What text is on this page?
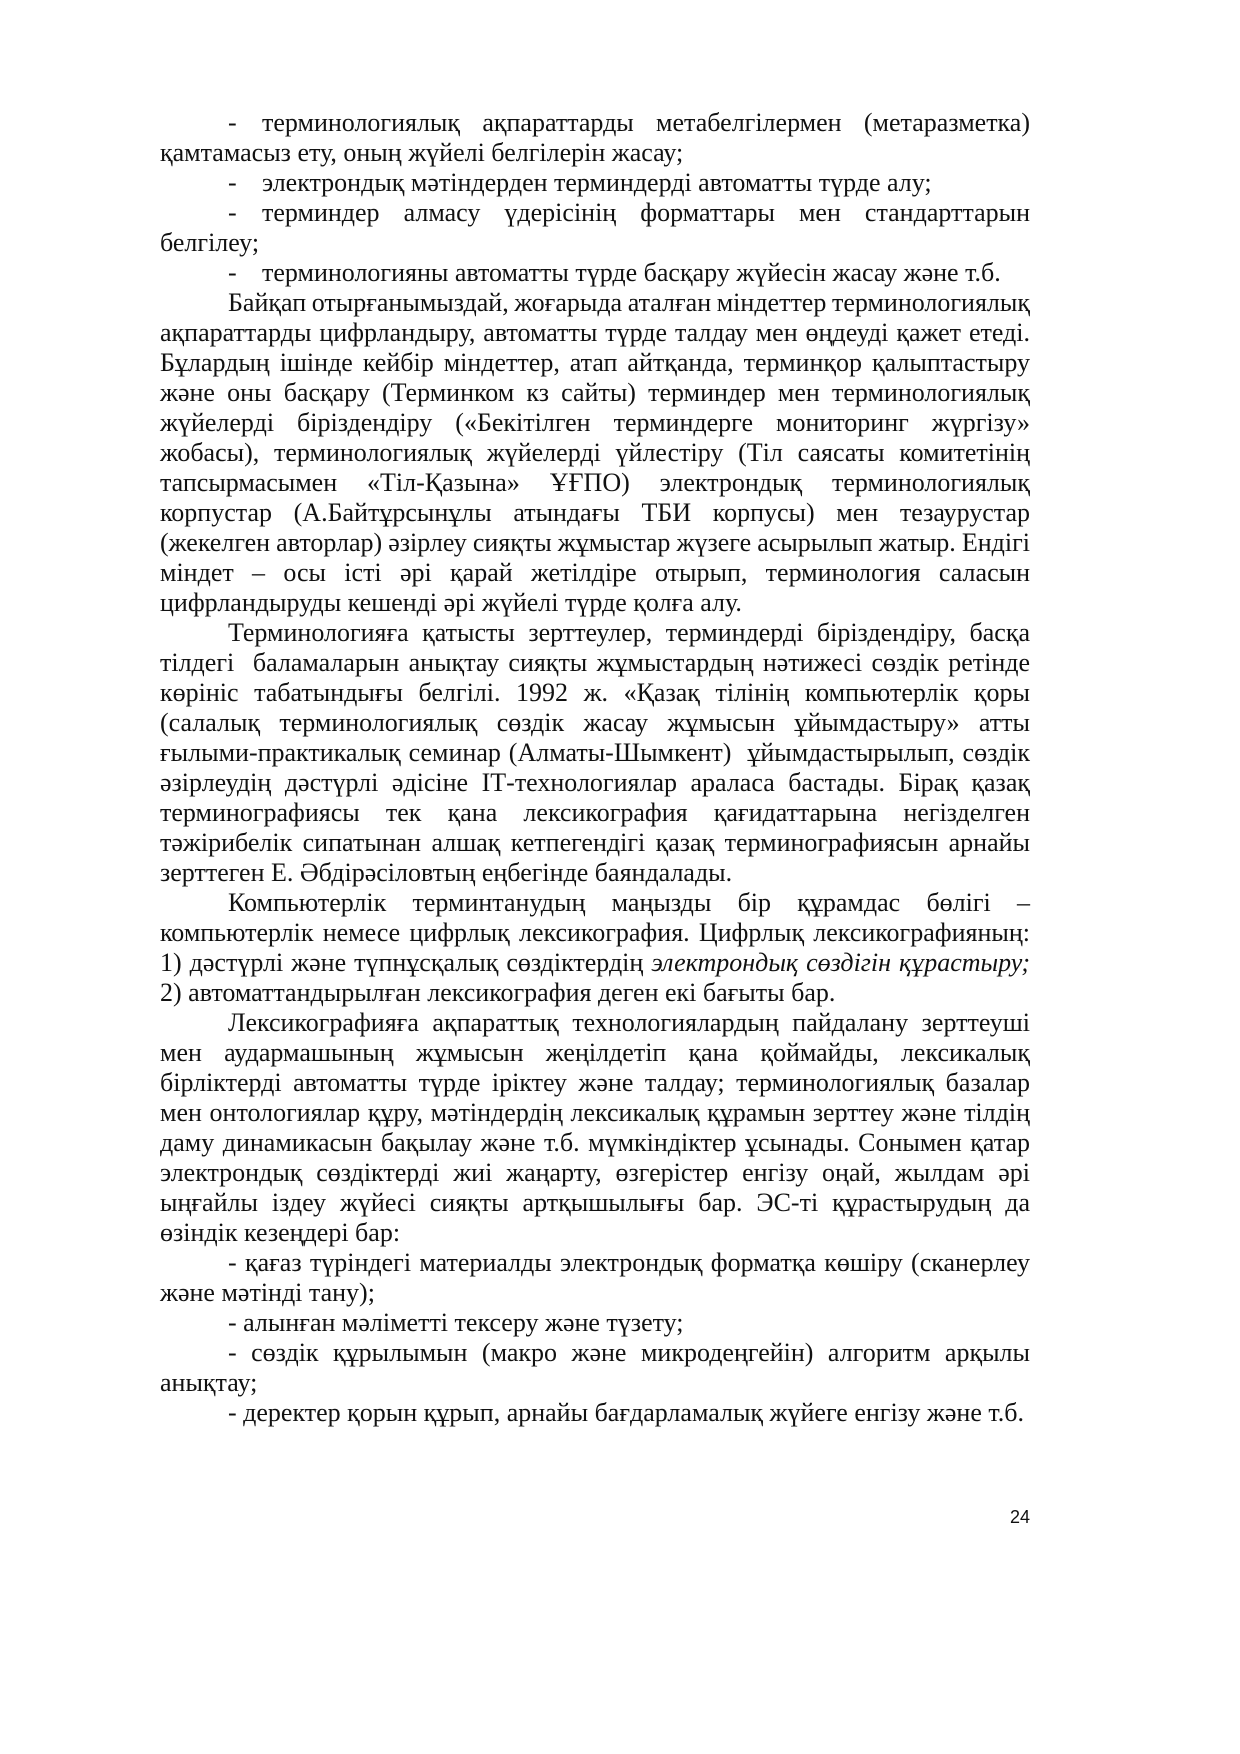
- терминологиялық ақпараттарды метабелгілермен (метаразметка)
қамтамасыз ету, оның жүйелі белгілерін жасау;
- электрондық мәтіндерден терминдерді автоматты түрде алу;
- терминдер алмасу үдерісінің форматтары мен стандарттарын
белгілеу;
- терминологияны автоматты түрде басқару жүйесін жасау және т.б.
Байқап отырғанымыздай, жоғарыда аталған міндеттер терминологиялық
ақпараттарды цифрландыру, автоматты түрде талдау мен өңдеуді қажет етеді.
Бұлардың ішінде кейбір міндеттер, атап айтқанда, терминқор қалыптастыру
және оны басқару (Терминком кз сайты) терминдер мен терминологиялық
жүйелерді біріздендіру («Бекітілген терминдерге мониторинг жүргізу»
жобасы), терминологиялық жүйелерді үйлестіру (Тіл саясаты комитетінің
тапсырмасымен «Тіл-Қазына» ҰҒПО) электрондық терминологиялық
корпустар (А.Байтұрсынұлы атындағы ТБИ корпусы) мен тезаурустар
(жекелген авторлар) әзірлеу сияқты жұмыстар жүзеге асырылып жатыр. Ендігі
міндет – осы істі әрі қарай жетілдіре отырып, терминология саласын
цифрландыруды кешенді әрі жүйелі түрде қолға алу.
Терминологияға қатысты зерттеулер, терминдерді біріздендіру, басқа
тілдегі  баламаларын анықтау сияқты жұмыстардың нәтижесі сөздік ретінде
көрініс табатындығы белгілі. 1992 ж. «Қазақ тілінің компьютерлік қоры
(салалық терминологиялық сөздік жасау жұмысын ұйымдастыру» атты
ғылыми-практикалық семинар (Алматы-Шымкент)  ұйымдастырылып, сөздік
әзірлеудің дәстүрлі әдісіне ІТ-технологиялар араласа бастады. Бірақ қазақ
терминографиясы тек қана лексикография қағидаттарына негізделген
тәжірибелік сипатынан алшақ кетпегендігі қазақ терминографиясын арнайы
зерттеген Е. Әбдірәсіловтың еңбегінде баяндалады.
Компьютерлік терминтанудың маңызды бір құрамдас бөлігі –
компьютерлік немесе цифрлық лексикография. Цифрлық лексикографияның:
1) дәстүрлі және түпнұсқалық сөздіктердің электрондық сөздігін құрастыру;
2) автоматтандырылған лексикография деген екі бағыты бар.
Лексикографияға ақпараттық технологиялардың пайдалану зерттеуші
мен аудармашының жұмысын жеңілдетіп қана қоймайды, лексикалық
бірліктерді автоматты түрде іріктеу және талдау; терминологиялық базалар
мен онтологиялар құру, мәтіндердің лексикалық құрамын зерттеу және тілдің
даму динамикасын бақылау және т.б. мүмкіндіктер ұсынады. Сонымен қатар
электрондық сөздіктерді жиі жаңарту, өзгерістер енгізу оңай, жылдам әрі
ыңғайлы іздеу жүйесі сияқты артқышылығы бар. ЭС-ті құрастырудың да
өзіндік кезеңдері бар:
- қағаз түріндегі материалды электрондық форматқа көшіру (сканерлеу
және мәтінді тану);
- алынған мәліметті тексеру және түзету;
- сөздік құрылымын (макро және микродеңгейін) алгоритм арқылы
анықтау;
- деректер қорын құрып, арнайы бағдарламалық жүйеге енгізу және т.б.
24
